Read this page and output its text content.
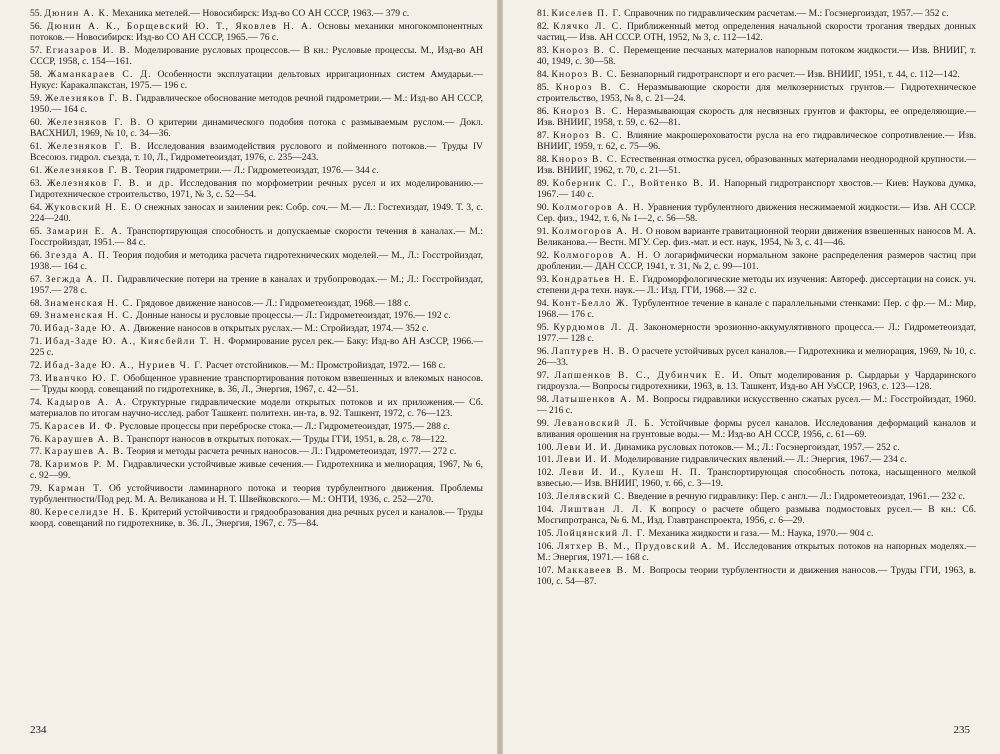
55. Дюнин А. К. Механика метелей.— Новосибирск: Изд-во СО АН СССР, 1963.— 379 с.
56. Дюнин А. К., Борщевский Ю. Т., Яковлев Н. А. Основы механики многокомпонентных потоков.— Новосибирск: Изд-во СО АН СССР, 1965.— 76 с.
57. Егиазаров И. В. Моделирование русловых процессов.— В кн.: Русловые процессы. М., Изд-во АН СССР, 1958, с. 154—161.
58. Жаманкараев С. Д. Особенности эксплуатации дельтовых ирригационных систем Амударьи.— Нукус: Каракалпакстан, 1975.— 196 с.
59. Железняков Г. В. Гидравлическое обоснование методов речной гидрометрии.— М.: Изд-во АН СССР, 1950.— 164 с.
60. Железняков Г. В. О критерии динамического подобия потока с размываемым руслом.— Докл. ВАСХНИЛ, 1969, № 10, с. 34—36.
61. Железняков Г. В. Исследования взаимодействия руслового и пойменного потоков.— Труды IV Всесоюз. гидрол. съезда, т. 10, Л., Гидрометеоиздат, 1976, с. 235—243.
61. Железняков Г. В. Теория гидрометрии.— Л.: Гидрометеоиздат, 1976.— 344 с.
63. Железняков Г. В. и др. Исследования по морфометрии речных русел и их моделированию.— Гидротехническое строительство, 1971, № 3, с. 52—54.
64. Жуковский Н. Е. О снежных заносах и заилении рек: Собр. соч.— М.— Л.: Гостехиздат, 1949. Т. 3, с. 224—240.
65. Замарин Е. А. Транспортирующая способность и допускаемые скорости течения в каналах.— М.: Госстройиздат, 1951.— 84 с.
66. Згезда А. П. Теория подобия и методика расчета гидротехнических моделей.— М., Л.: Госстройиздат, 1938.— 164 с.
67. Зегжда А. П. Гидравлические потери на трение в каналах и трубопроводах.— М.; Л.: Госстройиздат, 1957.— 278 с.
68. Знаменская Н. С. Грядовое движение наносов.— Л.: Гидрометеоиздат, 1968.— 188 с.
69. Знаменская Н. С. Донные наносы и русловые процессы.— Л.: Гидрометеоиздат, 1976.— 192 с.
70. Ибад-Заде Ю. А. Движение наносов в открытых руслах.— М.: Стройиздат, 1974.— 352 с.
71. Ибад-Заде Ю. А., Киясбейли Т. Н. Формирование русел рек.— Баку: Изд-во АН АзССР, 1966.— 225 с.
72. Ибад-Заде Ю. А., Нуриев Ч. Г. Расчет отстойников.— М.: Промстройиздат, 1972.— 168 с.
73. Иванчко Ю. Г. Обобщенное уравнение транспортирования потоком взвешенных и влекомых наносов.— Труды коорд. совещаний по гидротехнике, в. 36, Л., Энергия, 1967, с. 42—51.
74. Кадыров А. А. Структурные гидравлические модели открытых потоков и их приложения.— Сб. материалов по итогам научно-исслед. работ Ташкент. политехн. ин-та, в. 92. Ташкент, 1972, с. 76—123.
75. Карасев И. Ф. Русловые процессы при переброске стока.— Л.: Гидрометеоиздат, 1975.— 288 с.
76. Караушев А. В. Транспорт наносов в открытых потоках.— Труды ГГИ, 1951, в. 28, с. 78—122.
77. Караушев А. В. Теория и методы расчета речных наносов.— Л.: Гидрометеоиздат, 1977.— 272 с.
78. Каримов Р. М. Гидравлически устойчивые живые сечения.— Гидротехника и мелиорация, 1967, № 6, с. 92—99.
79. Карман Т. Об устойчивости ламинарного потока и теория турбулентного движения. Проблемы турбулентности/Под ред. М. А. Великанова и Н. Т. Швейковского.— М.: ОНТИ, 1936, с. 252—270.
80. Кереселидзе Н. Б. Критерий устойчивости и грядообразования дна речных русел и каналов.— Труды коорд. совещаний по гидротехнике, в. 36. Л., Энергия, 1967, с. 75—84.
234
81. Киселев П. Г. Справочник по гидравлическим расчетам.— М.: Госэнергоиздат, 1957.— 352 с.
82. Клячко Л. С. Приближенный метод определения начальной скорости трогания твердых донных частиц.— Изв. АН СССР. ОТН, 1952, № 3, с. 112—142.
83. Кнороз В. С. Перемещение песчаных материалов напорным потоком жидкости.— Изв. ВНИИГ, т. 40, 1949, с. 30—58.
84. Кнороз В. С. Безнапорный гидротранспорт и его расчет.— Изв. ВНИИГ, 1951, т. 44, с. 112—142.
85. Кнороз В. С. Неразмывающие скорости для мелкозернистых грунтов.— Гидротехническое строительство, 1953, № 8, с. 21—24.
86. Кнороз В. С. Неразмывающая скорость для несвязных грунтов и факторы, ее определяющие.— Изв. ВНИИГ, 1958, т. 59, с. 62—81.
87. Кнороз В. С. Влияние макрошероховатости русла на его гидравлическое сопротивление.— Изв. ВНИИГ, 1959, т. 62, с. 75—96.
88. Кнороз В. С. Естественная отмостка русел, образованных материалами неоднородной крупности.— Изв. ВНИИГ, 1962, т. 70, с. 21—51.
89. Коберник С. Г., Войтенко В. И. Напорный гидротранспорт хвостов.— Киев: Наукова думка, 1967.— 140 с.
90. Колмогоров А. Н. Уравнения турбулентного движения несжимаемой жидкости.— Изв. АН СССР. Сер. физ., 1942, т. 6, № 1—2, с. 56—58.
91. Колмогоров А. Н. О новом варианте гравитационной теории движения взвешенных наносов М. А. Великанова.— Вестн. МГУ. Сер. физ.-мат. и ест. наук, 1954, № 3, с. 41—46.
92. Колмогоров А. Н. О логарифмически нормальном законе распределения размеров частиц при дроблении.— ДАН СССР, 1941, т. 31, № 2, с. 99—101.
93. Кондратьев Н. Е. Гидроморфологические методы их изучения: Автореф. диссертации на соиск. уч. степени д-ра техн. наук.— Л.: Изд. ГГИ, 1968.— 32 с.
94. Конт-Белло Ж. Турбулентное течение в канале с параллельными стенками: Пер. с фр.— М.: Мир, 1968.— 176 с.
95. Курдюмов Л. Д. Закономерности эрозионно-аккумулятивного процесса.— Л.: Гидрометеоиздат, 1977.— 128 с.
96. Лаптурев Н. В. О расчете устойчивых русел каналов.— Гидротехника и мелиорация, 1969, № 10, с. 26—33.
97. Лапшенков В. С., Дубинчик Е. И. Опыт моделирования р. Сырдарьи у Чардаринского гидроузла.— Вопросы гидротехники, 1963, в. 13. Ташкент, Изд-во АН УзССР, 1963, с. 123—128.
98. Латышенков А. М. Вопросы гидравлики искусственно сжатых русел.— М.: Госстройиздат, 1960.— 216 с.
99. Левановский Л. Б. Устойчивые формы русел каналов. Исследования деформаций каналов и вливания орошения на грунтовые воды.— М.: Изд-во АН СССР, 1956, с. 61—69.
100. Леви И. И. Динамика русловых потоков.— М.; Л.: Госэнергоиздат, 1957.— 252 с.
101. Леви И. И. Моделирование гидравлических явлений.— Л.: Энергия, 1967.— 234 с.
102. Леви И. И., Кулеш Н. П. Транспортирующая способность потока, насыщенного мелкой взвесью.— Изв. ВНИИГ, 1960, т. 66, с. 3—19.
103. Лелявский С. Введение в речную гидравлику: Пер. с англ.— Л.: Гидрометеоиздат, 1961.— 232 с.
104. Лиштван Л. Л. К вопросу о расчете общего размыва подмостовых русел.— В кн.: Сб. Мосгипротранса, № 6. М., Изд. Главтранспроекта, 1956, с. 6—29.
105. Лойцянский Л. Г. Механика жидкости и газа.— М.: Наука, 1970.— 904 с.
106. Лятхер В. М., Прудовский А. М. Исследования открытых потоков на напорных моделях.— М.: Энергия, 1971.— 168 с.
107. Маккавеев В. М. Вопросы теории турбулентности и движения наносов.— Труды ГГИ, 1963, в. 100, с. 54—87.
235
